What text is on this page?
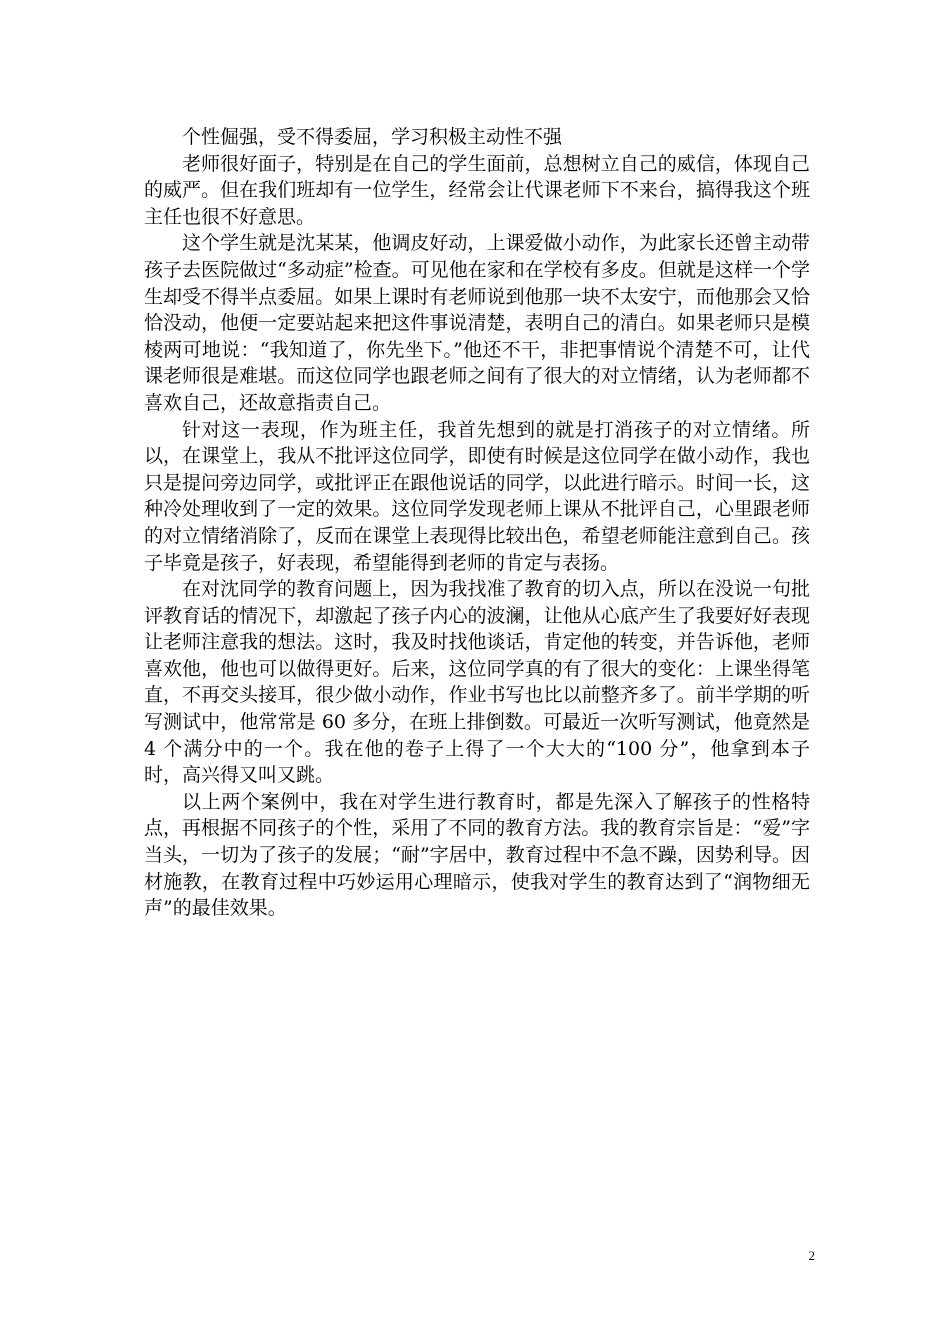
个性倔强，受不得委屈，学习积极主动性不强

老师很好面子，特别是在自己的学生面前，总想树立自己的威信，体现自己的威严。但在我们班却有一位学生，经常会让代课老师下不来台，搞得我这个班主任也很不好意思。

这个学生就是沈某某，他调皮好动，上课爱做小动作，为此家长还曾主动带孩子去医院做过“多动症”检查。可见他在家和在学校有多皮。但就是这样一个学生却受不得半点委屈。如果上课时有老师说到他那一块不太安宁，而他那会又恰恰没动，他便一定要站起来把这件事说清楚，表明自己的清白。如果老师只是模棱两可地说：“我知道了，你先坐下。”他还不干，非把事情说个清楚不可，让代课老师很是难堪。而这位同学也跟老师之间有了很大的对立情绪，认为老师都不喜欢自己，还故意指责自己。

针对这一表现，作为班主任，我首先想到的就是打消孩子的对立情绪。所以，在课堂上，我从不批评这位同学，即使有时候是这位同学在做小动作，我也只是提问旁边同学，或批评正在跟他说话的同学，以此进行暗示。时间一长，这种冷处理收到了一定的效果。这位同学发现老师上课从不批评自己，心里跟老师的对立情绪消除了，反而在课堂上表现得比较出色，希望老师能注意到自己。孩子毕竟是孩子，好表现，希望能得到老师的肯定与表扬。

在对沈同学的教育问题上，因为我找准了教育的切入点，所以在没说一句批评教育话的情况下，却激起了孩子内心的波澜，让他从心底产生了我要好好表现让老师注意我的想法。这时，我及时找他谈话，肯定他的转变，并告诉他，老师喜欢他，他也可以做得更好。后来，这位同学真的有了很大的变化：上课坐得笔直，不再交头接耳，很少做小动作，作业书写也比以前整齐多了。前半学期的听写测试中，他常常是 60 多分，在班上排倒数。可最近一次听写测试，他竟然是 4 个满分中的一个。我在他的卷子上得了一个大大的“100 分”，他拿到本子时，高兴得又叫又跳。

以上两个案例中，我在对学生进行教育时，都是先深入了解孩子的性格特点，再根据不同孩子的个性，采用了不同的教育方法。我的教育宗旨是：“爱”字当头，一切为了孩子的发展；“耐”字居中，教育过程中不急不躁，因势利导。因材施教，在教育过程中巧妙运用心理暗示，使我对学生的教育达到了“润物细无声”的最佳效果。

2
